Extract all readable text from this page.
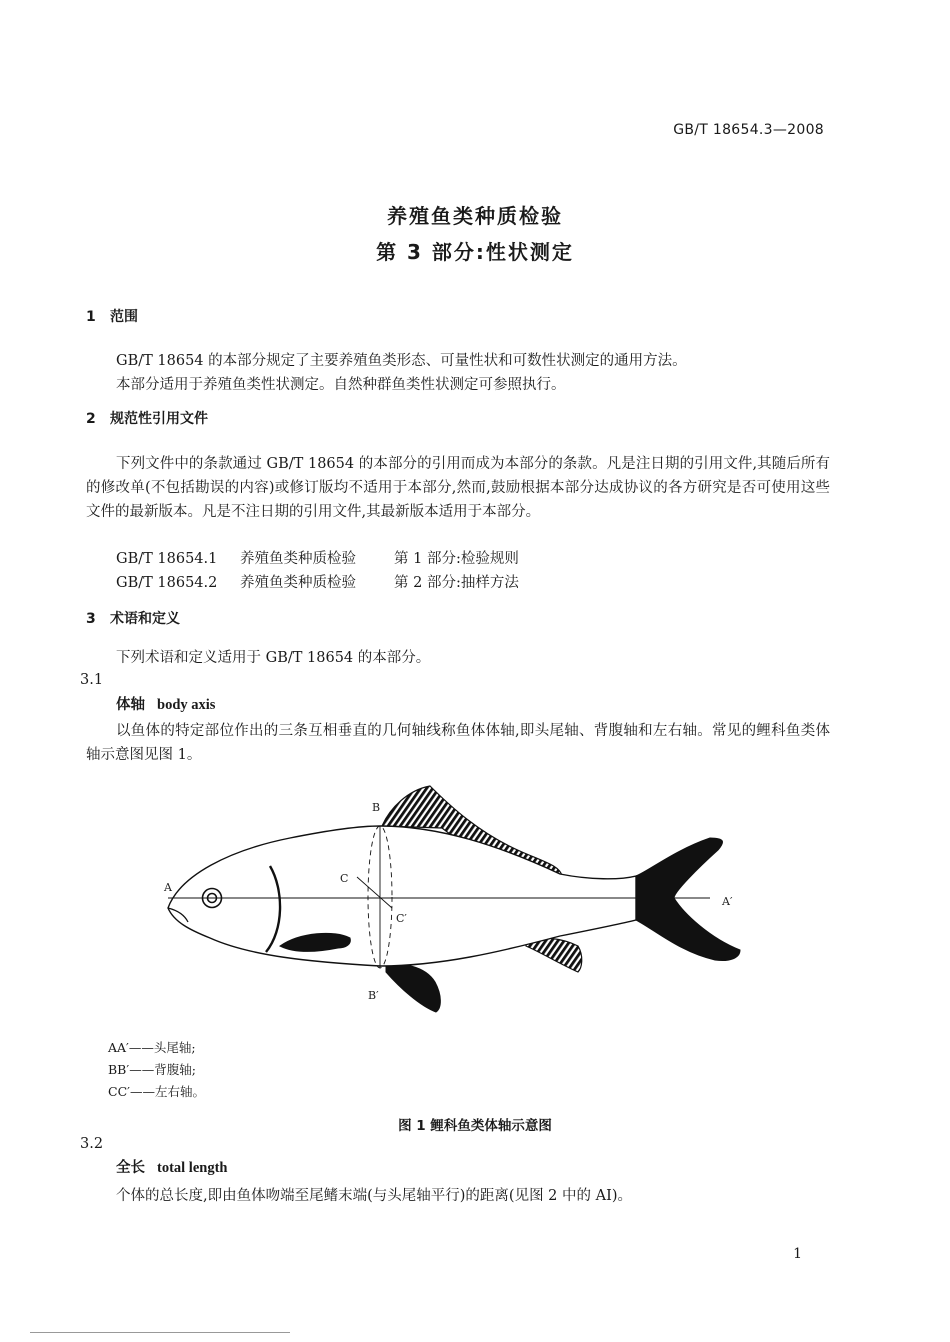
GB/T 18654.3—2008
养殖鱼类种质检验
第 3 部分:性状测定
1 范围
GB/T 18654 的本部分规定了主要养殖鱼类形态、可量性状和可数性状测定的通用方法。
本部分适用于养殖鱼类性状测定。自然种群鱼类性状测定可参照执行。
2 规范性引用文件
下列文件中的条款通过 GB/T 18654 的本部分的引用而成为本部分的条款。凡是注日期的引用文件,其随后所有的修改单(不包括勘误的内容)或修订版均不适用于本部分,然而,鼓励根据本部分达成协议的各方研究是否可使用这些文件的最新版本。凡是不注日期的引用文件,其最新版本适用于本部分。
GB/T 18654.1 养殖鱼类种质检验	第 1 部分:检验规则
GB/T 18654.2 养殖鱼类种质检验	第 2 部分:抽样方法
3 术语和定义
下列术语和定义适用于 GB/T 18654 的本部分。
3.1
体轴 body axis
以鱼体的特定部位作出的三条互相垂直的几何轴线称鱼体体轴,即头尾轴、背腹轴和左右轴。常见的鲤科鱼类体轴示意图见图 1。
A
A′
B
B′
C
C′
AA′——头尾轴;
BB′——背腹轴;
CC′——左右轴。
图 1 鲤科鱼类体轴示意图
3.2
全长 total length
个体的总长度,即由鱼体吻端至尾鳍末端(与头尾轴平行)的距离(见图 2 中的 AI)。
1
